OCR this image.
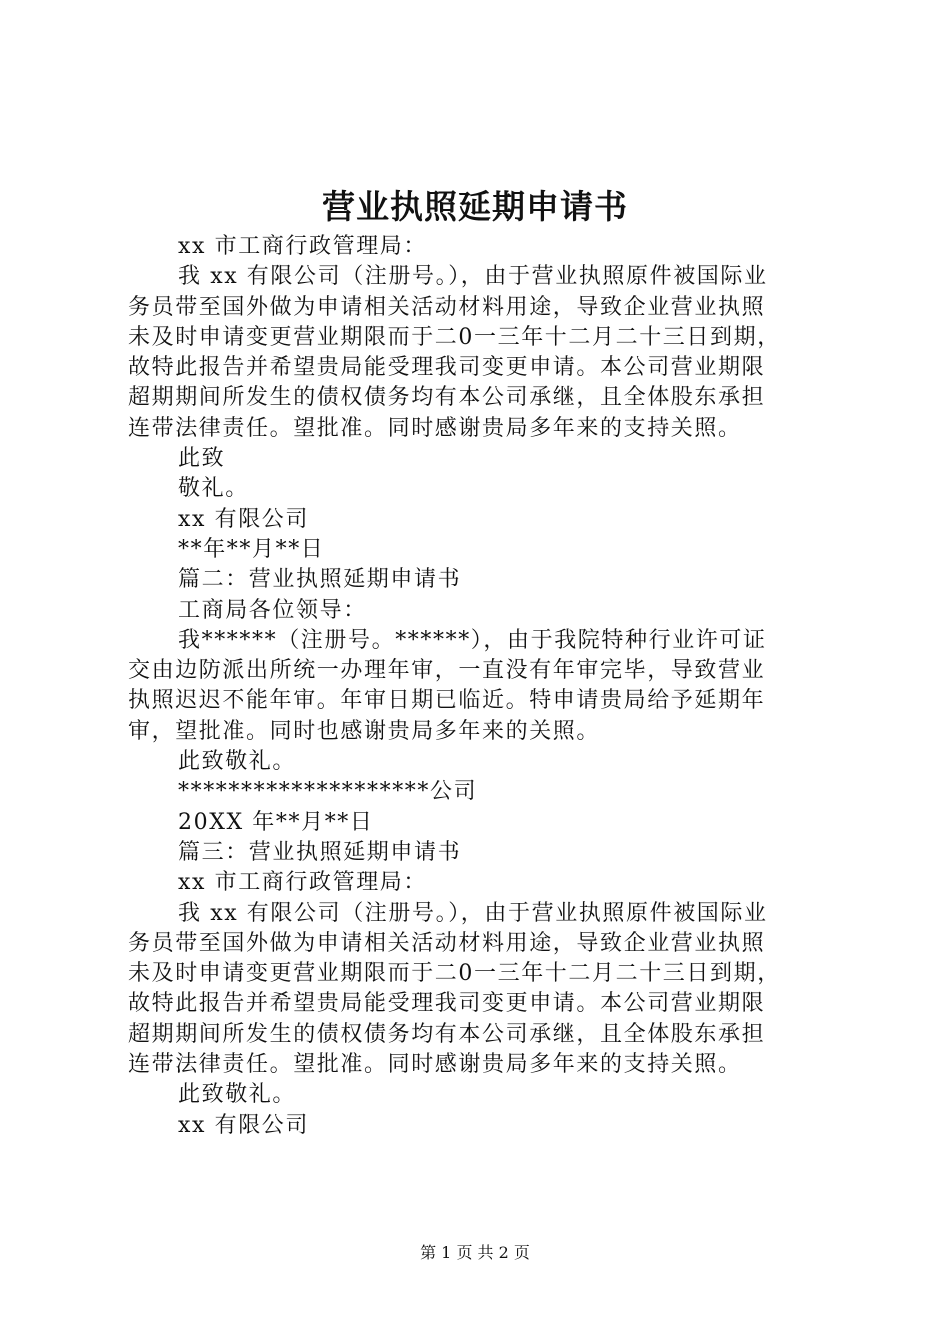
营业执照延期申请书
xx 市工商行政管理局：
我 xx 有限公司（注册号。），由于营业执照原件被国际业
务员带至国外做为申请相关活动材料用途，导致企业营业执照
未及时申请变更营业期限而于二0一三年十二月二十三日到期，
故特此报告并希望贵局能受理我司变更申请。本公司营业期限
超期期间所发生的债权债务均有本公司承继，且全体股东承担
连带法律责任。望批准。同时感谢贵局多年来的支持关照。
此致
敬礼。
xx 有限公司
**年**月**日
篇二：营业执照延期申请书
工商局各位领导：
我******（注册号。******），由于我院特种行业许可证
交由边防派出所统一办理年审，一直没有年审完毕，导致营业
执照迟迟不能年审。年审日期已临近。特申请贵局给予延期年
审，望批准。同时也感谢贵局多年来的关照。
此致敬礼。
********************公司
20XX 年**月**日
篇三：营业执照延期申请书
xx 市工商行政管理局：
我 xx 有限公司（注册号。），由于营业执照原件被国际业
务员带至国外做为申请相关活动材料用途，导致企业营业执照
未及时申请变更营业期限而于二0一三年十二月二十三日到期，
故特此报告并希望贵局能受理我司变更申请。本公司营业期限
超期期间所发生的债权债务均有本公司承继，且全体股东承担
连带法律责任。望批准。同时感谢贵局多年来的支持关照。
此致敬礼。
xx 有限公司
第 1 页 共 2 页
